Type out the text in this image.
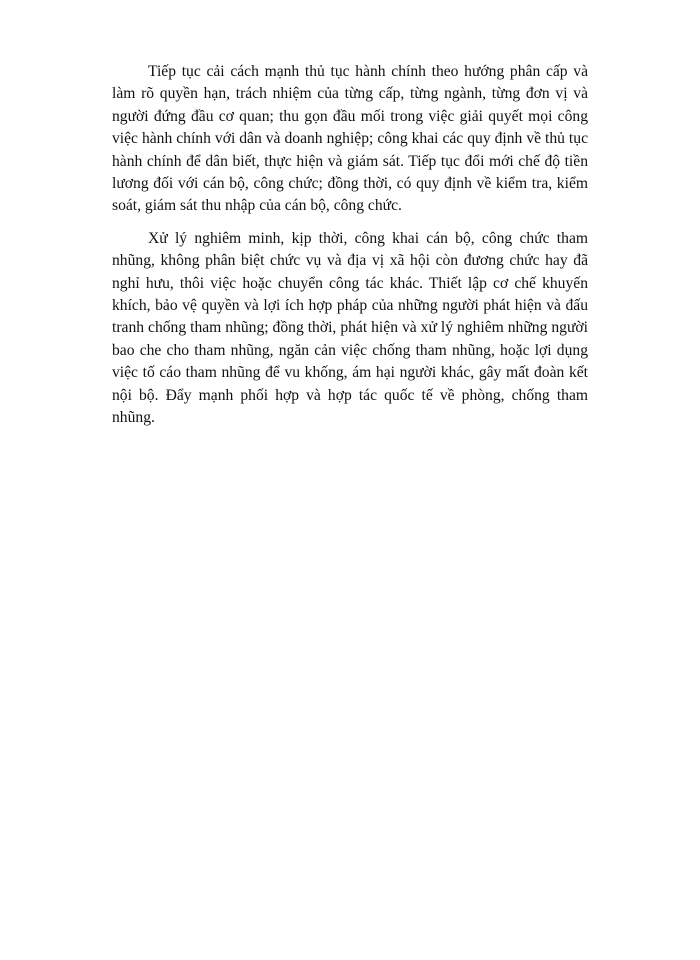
Tiếp tục cải cách mạnh thủ tục hành chính theo hướng phân cấp và làm rõ quyền hạn, trách nhiệm của từng cấp, từng ngành, từng đơn vị và người đứng đầu cơ quan; thu gọn đầu mối trong việc giải quyết mọi công việc hành chính với dân và doanh nghiệp; công khai các quy định về thủ tục hành chính để dân biết, thực hiện và giám sát. Tiếp tục đổi mới chế độ tiền lương đối với cán bộ, công chức; đồng thời, có quy định về kiểm tra, kiểm soát, giám sát thu nhập của cán bộ, công chức.

Xử lý nghiêm minh, kịp thời, công khai cán bộ, công chức tham nhũng, không phân biệt chức vụ và địa vị xã hội còn đương chức hay đã nghỉ hưu, thôi việc hoặc chuyển công tác khác. Thiết lập cơ chế khuyến khích, bảo vệ quyền và lợi ích hợp pháp của những người phát hiện và đấu tranh chống tham nhũng; đồng thời, phát hiện và xử lý nghiêm những người bao che cho tham nhũng, ngăn cản việc chống tham nhũng, hoặc lợi dụng việc tố cáo tham nhũng để vu khống, ám hại người khác, gây mất đoàn kết nội bộ. Đẩy mạnh phối hợp và hợp tác quốc tế về phòng, chống tham nhũng.
